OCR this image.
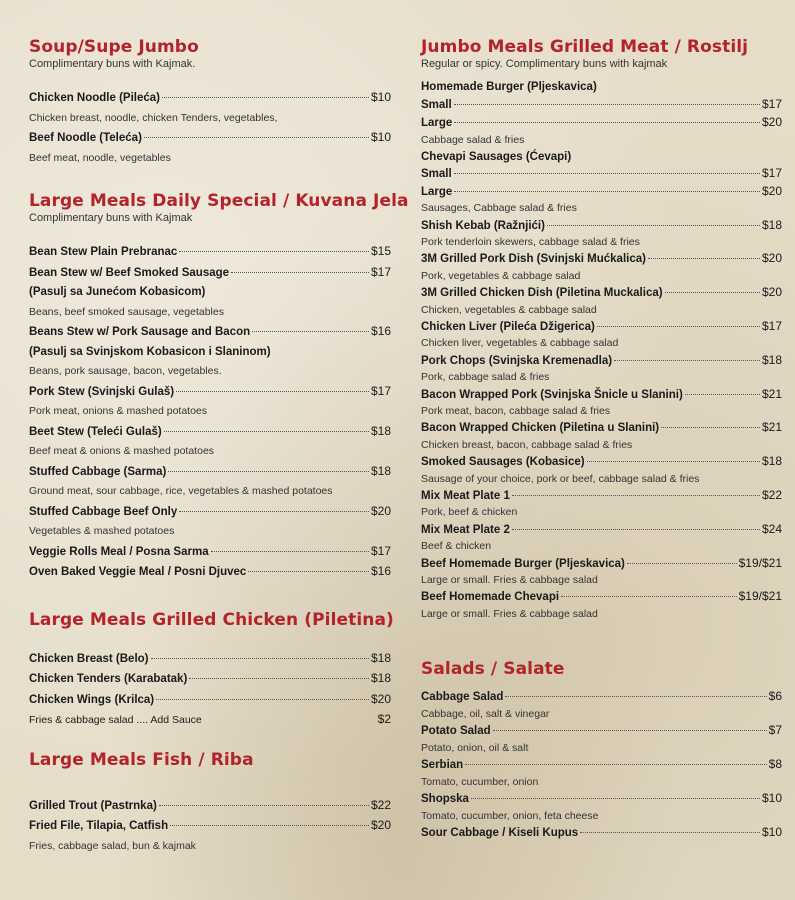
Soup/Supe Jumbo
Complimentary buns with Kajmak.
Chicken Noodle (Pileća)	$10
Chicken breast, noodle, chicken Tenders, vegetables,
Beef Noodle (Teleća)	$10
Beef meat, noodle, vegetables
Large Meals Daily Special / Kuvana Jela
Complimentary buns with Kajmak
Bean Stew Plain Prebranac	$15
Bean Stew w/ Beef Smoked Sausage	$17
(Pasulj sa Junećom Kobasicom)
Beans, beef smoked sausage, vegetables
Beans Stew w/ Pork Sausage and Bacon	$16
(Pasulj sa Svinjskom Kobasicon i Slaninom)
Beans, pork sausage, bacon, vegetables.
Pork Stew (Svinjski Gulaš)	$17
Pork meat, onions & mashed potatoes
Beet Stew (Teleći Gulaš)	$18
Beef meat & onions & mashed potatoes
Stuffed Cabbage (Sarma)	$18
Ground meat, sour cabbage, rice, vegetables & mashed potatoes
Stuffed Cabbage Beef Only	$20
Vegetables & mashed potatoes
Veggie Rolls Meal / Posna Sarma	$17
Oven Baked Veggie Meal / Posni Djuvec	$16
Large Meals Grilled Chicken (Piletina)
Chicken Breast (Belo)	$18
Chicken Tenders (Karabatak)	$18
Chicken Wings (Krilca)	$20
Fries & cabbage salad .... Add Sauce	$2
Large Meals Fish / Riba
Grilled Trout (Pastrnka)	$22
Fried File, Tilapia, Catfish	$20
Fries, cabbage salad, bun & kajmak
Jumbo Meals Grilled Meat / Rostilj
Regular or spicy. Complimentary buns with kajmak
Homemade Burger (Pljeskavica)
Small	$17
Large	$20
Cabbage salad & fries
Chevapi Sausages (Ćevapi)
Small	$17
Large	$20
Sausages, Cabbage salad & fries
Shish Kebab (Ražnjići)	$18
Pork tenderloin skewers, cabbage salad & fries
3M Grilled Pork Dish (Svinjski Mućkalica)	$20
Pork, vegetables & cabbage salad
3M Grilled Chicken Dish (Piletina Muckalica)	$20
Chicken, vegetables & cabbage salad
Chicken Liver (Pileća Džigerica)	$17
Chicken liver, vegetables & cabbage salad
Pork Chops (Svinjska Kremenadla)	$18
Pork, cabbage salad & fries
Bacon Wrapped Pork (Svinjska Šnicle u Slanini)	$21
Pork meat, bacon, cabbage salad & fries
Bacon Wrapped Chicken (Piletina u Slanini)	$21
Chicken breast, bacon, cabbage salad & fries
Smoked Sausages (Kobasice)	$18
Sausage of your choice, pork or beef, cabbage salad & fries
Mix Meat Plate 1	$22
Pork, beef & chicken
Mix Meat Plate 2	$24
Beef & chicken
Beef Homemade Burger (Pljeskavica)	$19/$21
Large or small. Fries & cabbage salad
Beef Homemade Chevapi	$19/$21
Large or small. Fries & cabbage salad
Salads / Salate
Cabbage Salad	$6
Cabbage, oil, salt & vinegar
Potato Salad	$7
Potato, onion, oil & salt
Serbian	$8
Tomato, cucumber, onion
Shopska	$10
Tomato, cucumber, onion, feta cheese
Sour Cabbage / Kiseli Kupus	$10
